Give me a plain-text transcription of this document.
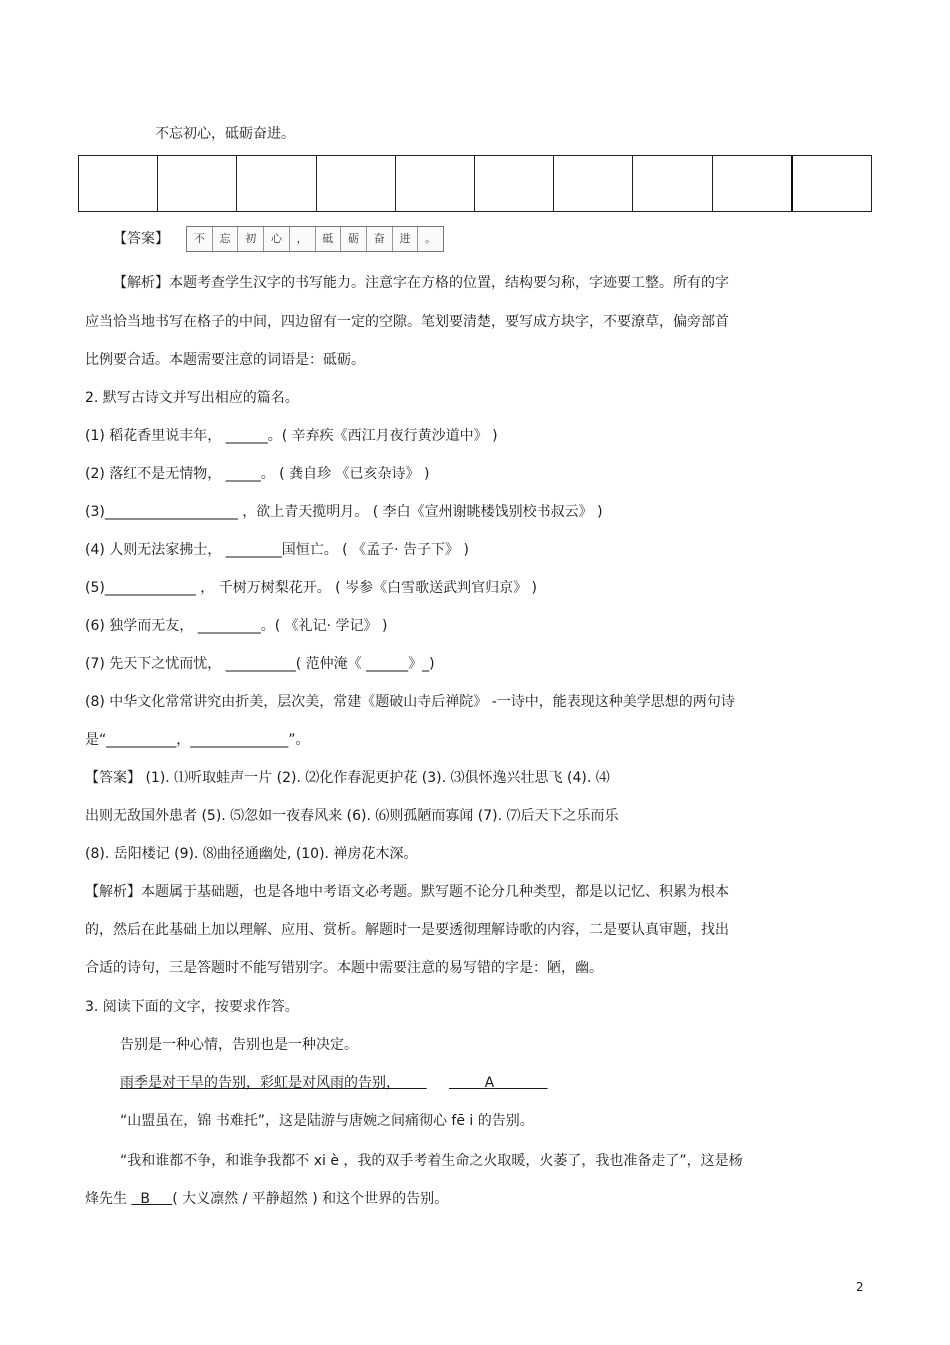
不忘初心，砥砺奋进。
【答案】	不	忘	初	心	，	砥	砺	奋	进	。
【解析】本题考查学生汉字的书写能力。注意字在方格的位置，结构要匀称，字迹要工整。所有的字
应当恰当地书写在格子的中间，四边留有一定的空隙。笔划要清楚，要写成方块字，不要潦草，偏旁部首
比例要合适。本题需要注意的词语是：砥砺。
2. 默写古诗文并写出相应的篇名。
(1) 稻花香里说丰年， ______。( 辛弃疾《西江月夜行黄沙道中》 )
(2) 落红不是无情物， _____。 ( 龚自珍 《已亥杂诗》 )
(3)___________________ ，欲上青天揽明月。 ( 李白《宣州谢眺楼饯别校书叔云》 )
(4) 人则无法家拂士， ________国恒亡。 ( 《孟子· 告子下》 )
(5)_____________ ， 千树万树梨花开。 ( 岑参《白雪歌送武判官归京》 )
(6) 独学而无友， _________。( 《礼记· 学记》 )
(7) 先天下之忧而忧， __________( 范仲淹《 ______》_)
(8) 中华文化常常讲究由折美，层次美，常建《题破山寺后禅院》 -一诗中，能表现这种美学思想的两句诗
是“__________，______________”。
【答案】 (1). ⑴听取蛙声一片 (2). ⑵化作春泥更护花 (3). ⑶俱怀逸兴壮思飞 (4). ⑷
出则无敌国外患者 (5). ⑸忽如一夜春风来 (6). ⑹则孤陋而寡闻 (7). ⑺后天下之乐而乐
(8). 岳阳楼记 (9). ⑻曲径通幽处, (10). 禅房花木深。
【解析】本题属于基础题，也是各地中考语文必考题。默写题不论分几种类型，都是以记忆、积累为根本
的，然后在此基础上加以理解、应用、赏析。解题时一是要透彻理解诗歌的内容，二是要认真审题，找出
合适的诗句，三是答题时不能写错别字。本题中需要注意的易写错的字是：陋，幽。
3. 阅读下面的文字，按要求作答。
告别是一种心情，告别也是一种决定。
雨季是对干旱的告别，彩虹是对风雨的告别，	A
“山盟虽在，锦 书难托”，这是陆游与唐婉之间痛彻心 fē i 的告别。
“我和谁都不争，和谁争我都不 xi è ，我的双手考着生命之火取暖，火萎了，我也准备走了”，这是杨
烽先生   B ( 大义凛然 / 平静超然 ) 和这个世界的告别。
2
